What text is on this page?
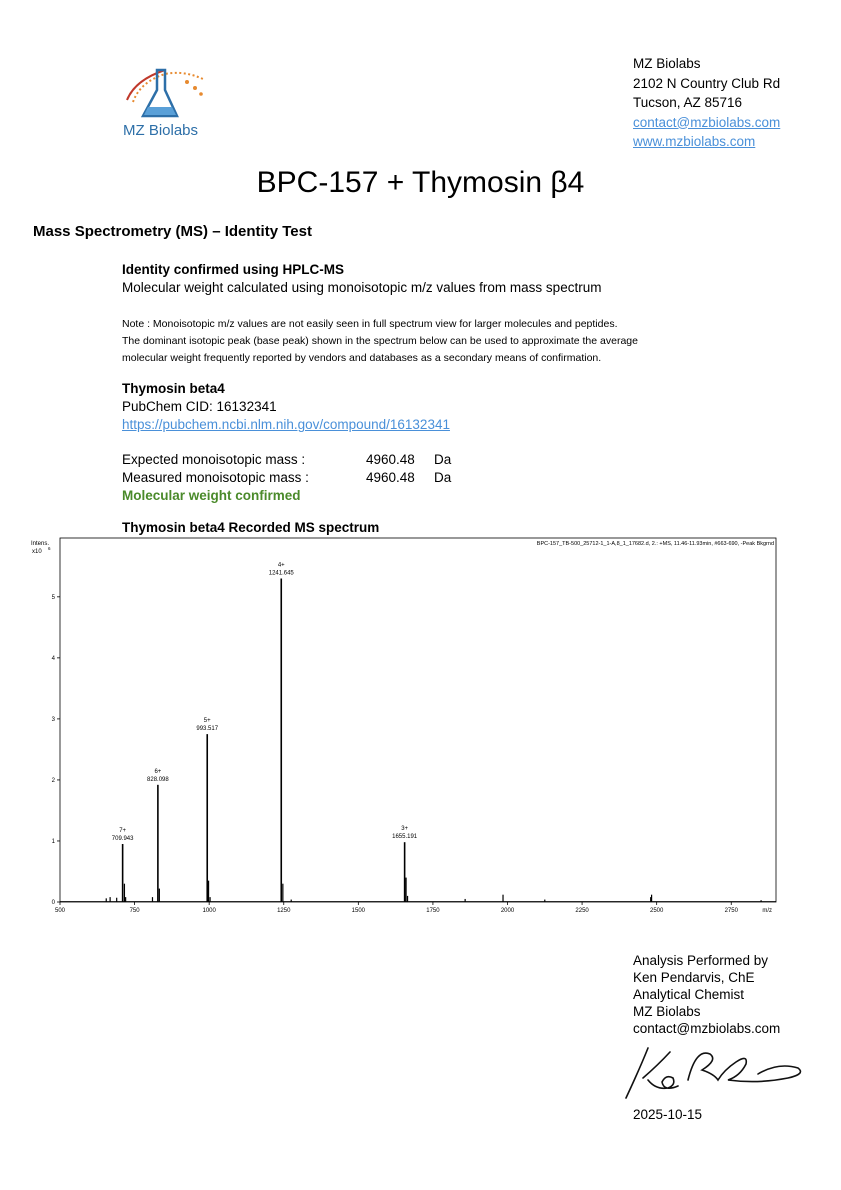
MZ Biolabs
MZ Biolabs
2102 N Country Club Rd
Tucson, AZ 85716
contact@mzbiolabs.com
www.mzbiolabs.com
BPC-157 + Thymosin β4
Mass Spectrometry (MS) – Identity Test
Identity confirmed using HPLC-MS
Molecular weight calculated using monoisotopic m/z values from mass spectrum
Note : Monoisotopic m/z values are not easily seen in full spectrum view for larger molecules and peptides.
The dominant isotopic peak (base peak) shown in the spectrum below can be used to approximate the average
molecular weight frequently reported by vendors and databases as a secondary means of confirmation.
Thymosin beta4
PubChem CID: 16132341
https://pubchem.ncbi.nlm.nih.gov/compound/16132341
Expected monoisotopic mass :	4960.48	Da
Measured monoisotopic mass :	4960.48	Da
Molecular weight confirmed
Thymosin beta4 Recorded MS spectrum
BPC-157_TB-500_25712-1_1-A,8_1_17682.d, 2.: +MS, 11.46-11.93min, #663-690, -Peak Bkgrnd
Intens.
x10
6
0
1
2
3
4
5
500	750	1000	1250	1500	1750	2000	2250	2500	2750	m/z
7+
709.943
6+
828.098
5+
993.517
4+
1241.645
3+
1655.191
Analysis Performed by
Ken Pendarvis, ChE
Analytical Chemist
MZ Biolabs
contact@mzbiolabs.com
2025-10-15
